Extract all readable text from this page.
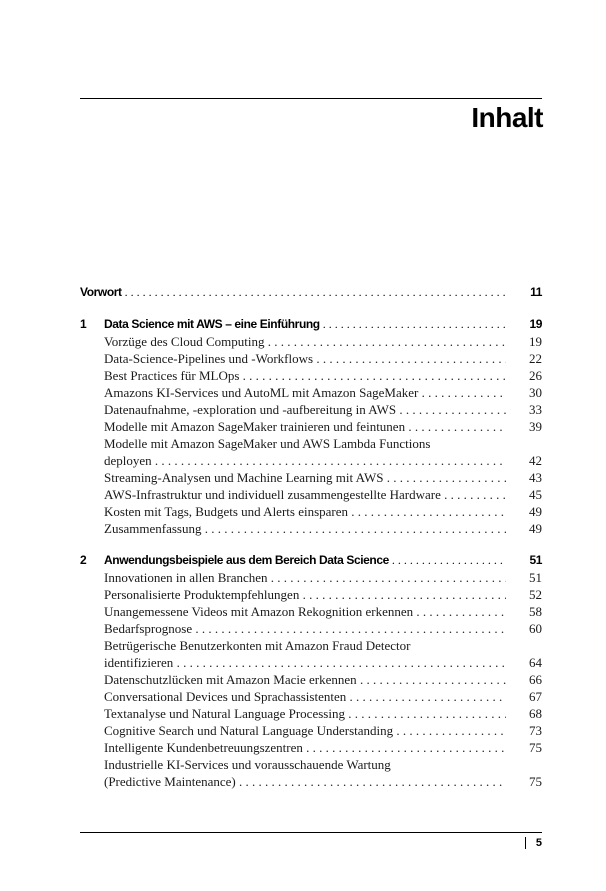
Inhalt
Vorwort . . .	11
1 Data Science mit AWS – eine Einführung . . .	19
Vorzüge des Cloud Computing . . .	19
Data-Science-Pipelines und -Workflows . . .	22
Best Practices für MLOps . . .	26
Amazons KI-Services und AutoML mit Amazon SageMaker . . .	30
Datenaufnahme, -exploration und -aufbereitung in AWS . . .	33
Modelle mit Amazon SageMaker trainieren und feintunen . . .	39
Modelle mit Amazon SageMaker und AWS Lambda Functions
deployen . . .	42
Streaming-Analysen und Machine Learning mit AWS . . .	43
AWS-Infrastruktur und individuell zusammengestellte Hardware . . .	45
Kosten mit Tags, Budgets und Alerts einsparen . . .	49
Zusammenfassung . . .	49
2 Anwendungsbeispiele aus dem Bereich Data Science . . .	51
Innovationen in allen Branchen . . .	51
Personalisierte Produktempfehlungen . . .	52
Unangemessene Videos mit Amazon Rekognition erkennen . . .	58
Bedarfsprognose . . .	60
Betrügerische Benutzerkonten mit Amazon Fraud Detector
identifizieren . . .	64
Datenschutzlücken mit Amazon Macie erkennen . . .	66
Conversational Devices und Sprachassistenten . . .	67
Textanalyse und Natural Language Processing . . .	68
Cognitive Search und Natural Language Understanding . . .	73
Intelligente Kundenbetreuungszentren . . .	75
Industrielle KI-Services und vorausschauende Wartung
(Predictive Maintenance) . . .	75
5
